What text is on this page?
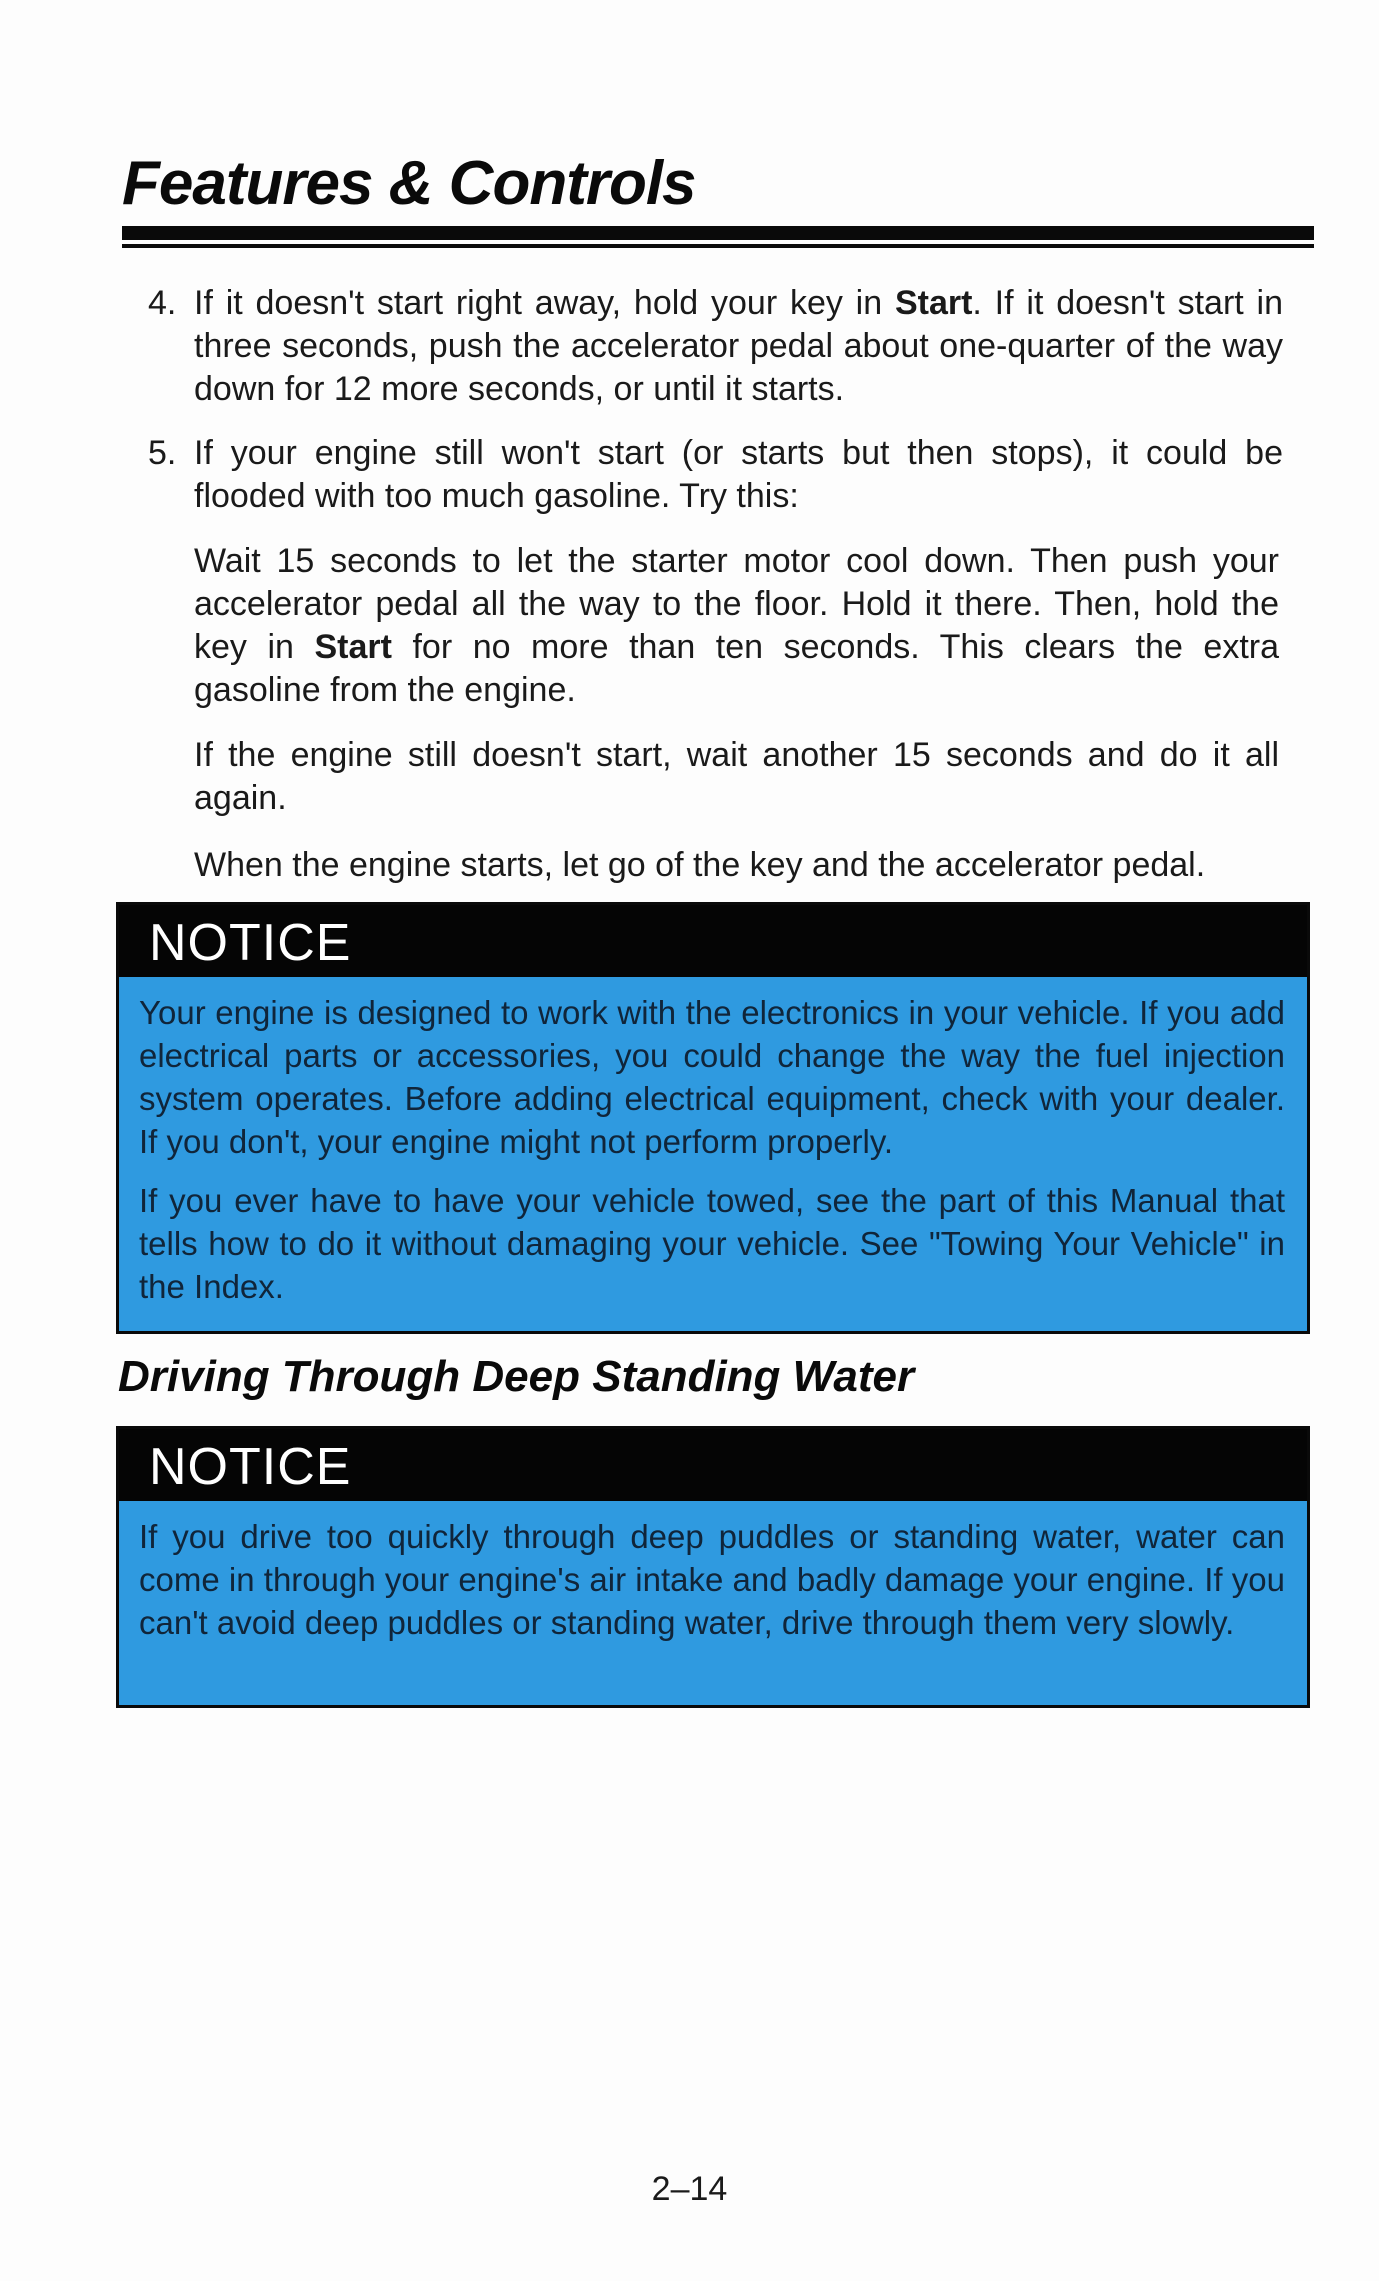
Features & Controls
4. If it doesn't start right away, hold your key in Start. If it doesn't start in three seconds, push the accelerator pedal about one-quarter of the way down for 12 more seconds, or until it starts.
5. If your engine still won't start (or starts but then stops), it could be flooded with too much gasoline. Try this:
Wait 15 seconds to let the starter motor cool down. Then push your accelerator pedal all the way to the floor. Hold it there. Then, hold the key in Start for no more than ten seconds. This clears the extra gasoline from the engine.
If the engine still doesn't start, wait another 15 seconds and do it all again.
When the engine starts, let go of the key and the accelerator pedal.
NOTICE

Your engine is designed to work with the electronics in your vehicle. If you add electrical parts or accessories, you could change the way the fuel injection system operates. Before adding electrical equipment, check with your dealer. If you don't, your engine might not perform properly.

If you ever have to have your vehicle towed, see the part of this Manual that tells how to do it without damaging your vehicle. See "Towing Your Vehicle" in the Index.

Driving Through Deep Standing Water
NOTICE

If you drive too quickly through deep puddles or standing water, water can come in through your engine's air intake and badly damage your engine. If you can't avoid deep puddles or standing water, drive through them very slowly.

2–14
